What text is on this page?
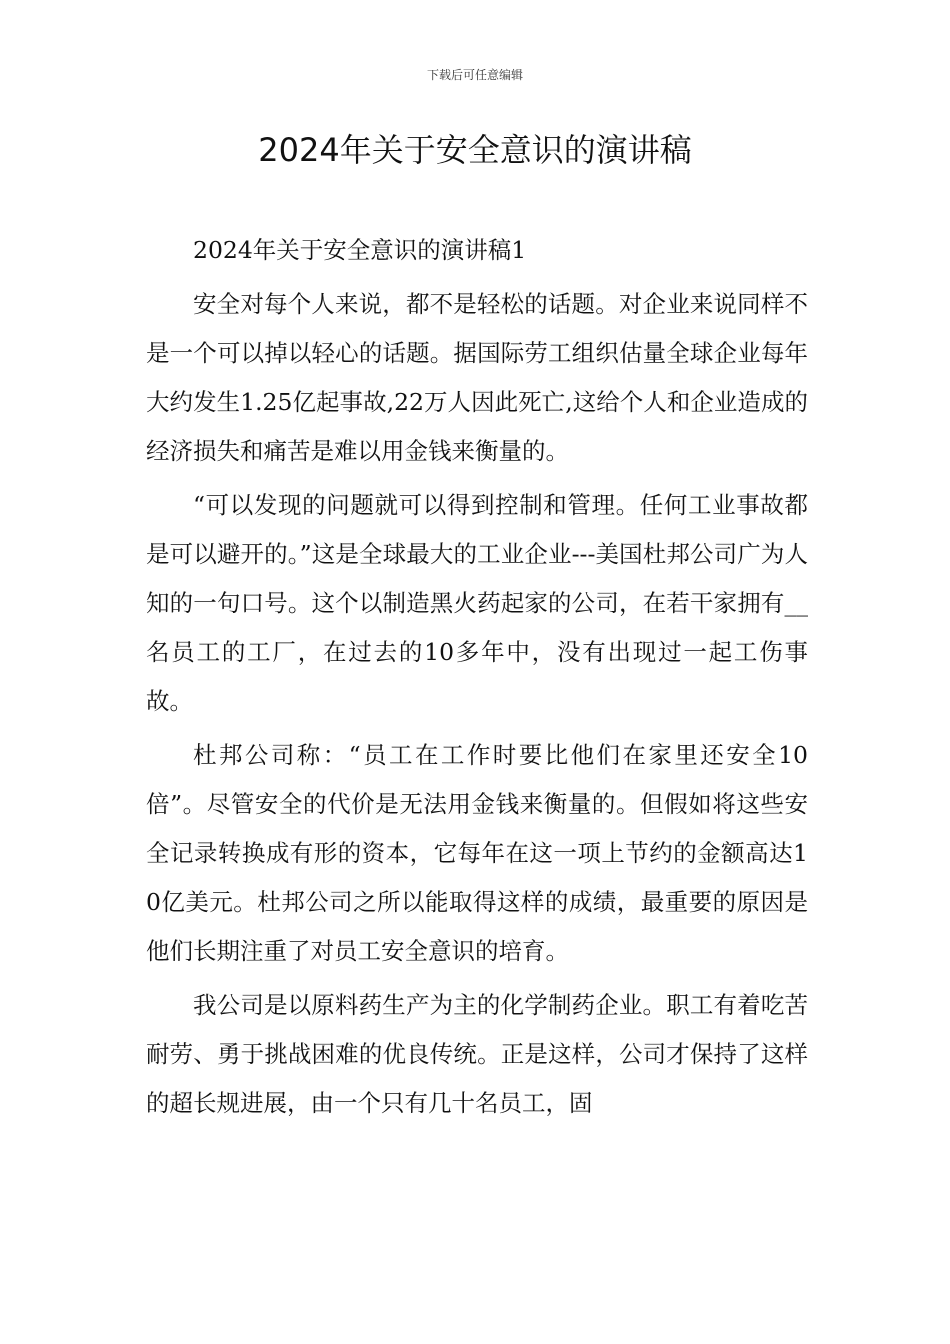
下载后可任意编辑
2024年关于安全意识的演讲稿

2024年关于安全意识的演讲稿1

安全对每个人来说，都不是轻松的话题。对企业来说同样不是一个可以掉以轻心的话题。据国际劳工组织估量全球企业每年大约发生1.25亿起事故,22万人因此死亡,这给个人和企业造成的经济损失和痛苦是难以用金钱来衡量的。

“可以发现的问题就可以得到控制和管理。任何工业事故都是可以避开的。”这是全球最大的工业企业---美国杜邦公司广为人知的一句口号。这个以制造黑火药起家的公司，在若干家拥有__名员工的工厂，在过去的10多年中，没有出现过一起工伤事故。

杜邦公司称：“员工在工作时要比他们在家里还安全10倍”。尽管安全的代价是无法用金钱来衡量的。但假如将这些安全记录转换成有形的资本，它每年在这一项上节约的金额高达10亿美元。杜邦公司之所以能取得这样的成绩，最重要的原因是他们长期注重了对员工安全意识的培育。

我公司是以原料药生产为主的化学制药企业。职工有着吃苦耐劳、勇于挑战困难的优良传统。正是这样，公司才保持了这样的超长规进展，由一个只有几十名员工，固
